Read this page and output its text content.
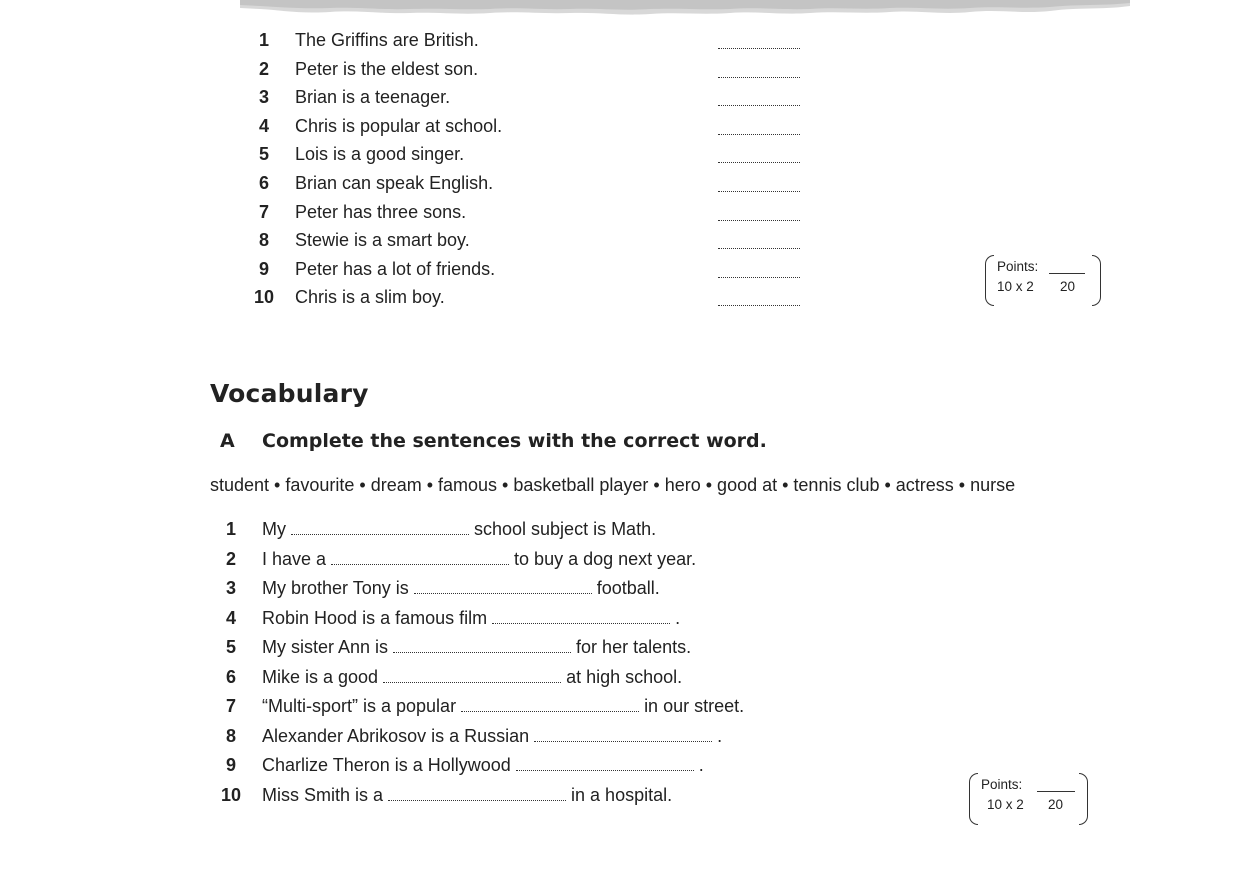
1	The Griffins are British.
2	Peter is the eldest son.
3	Brian is a teenager.
4	Chris is popular at school.
5	Lois is a good singer.
6	Brian can speak English.
7	Peter has three sons.
8	Stewie is a smart boy.
9	Peter has a lot of friends.
10 Chris is a slim boy.
Points:
10 x 2 20
Vocabulary
A Complete the sentences with the correct word.
student • favourite • dream • famous • basketball player • hero • good at • tennis club • actress • nurse
1	My	school subject is Math.
2	I have a	to buy a dog next year.
3	My brother Tony is	football.
4	Robin Hood is a famous film	.
5	My sister Ann is	for her talents.
6	Mike is a good	at high school.
7	“Multi-sport” is a popular	in our street.
8	Alexander Abrikosov is a Russian	.
9	Charlize Theron is a Hollywood	.
10 Miss Smith is a	in a hospital.	Points:
10 x 2 20
